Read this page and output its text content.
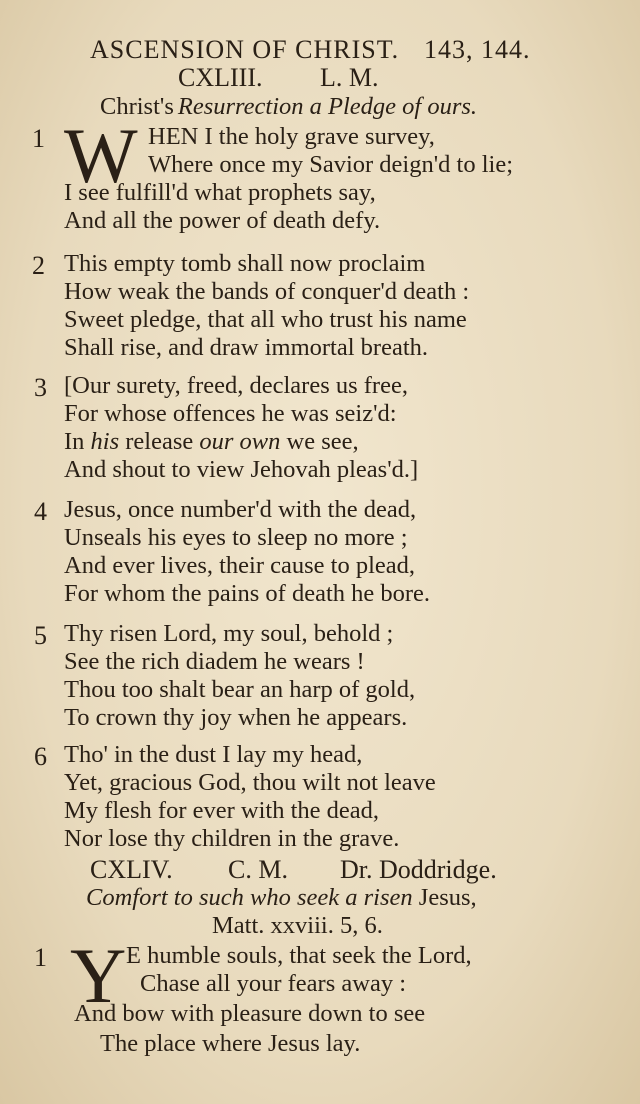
ASCENSION OF CHRIST. 143, 144.
CXLIII. L. M.
Christ's Resurrection a Pledge of ours.
1 W HEN I the holy grave survey,
Where once my Savior deign'd to lie;
I see fulfill'd what prophets say,
And all the power of death defy.
2 This empty tomb shall now proclaim
How weak the bands of conquer'd death :
Sweet pledge, that all who trust his name
Shall rise, and draw immortal breath.
3 [Our surety, freed, declares us free,
For whose offences he was seiz'd:
In his release our own we see,
And shout to view Jehovah pleas'd.]
4 Jesus, once number'd with the dead,
Unseals his eyes to sleep no more ;
And ever lives, their cause to plead,
For whom the pains of death he bore.
5 Thy risen Lord, my soul, behold ;
See the rich diadem he wears !
Thou too shalt bear an harp of gold,
To crown thy joy when he appears.
6 Tho' in the dust I lay my head,
Yet, gracious God, thou wilt not leave
My flesh for ever with the dead,
Nor lose thy children in the grave.
CXLIV. C. M. Dr. Doddridge.
Comfort to such who seek a risen Jesus,
Matt. xxviii. 5, 6.
1 Y E humble souls, that seek the Lord,
Chase all your fears away :
And bow with pleasure down to see
The place where Jesus lay.
